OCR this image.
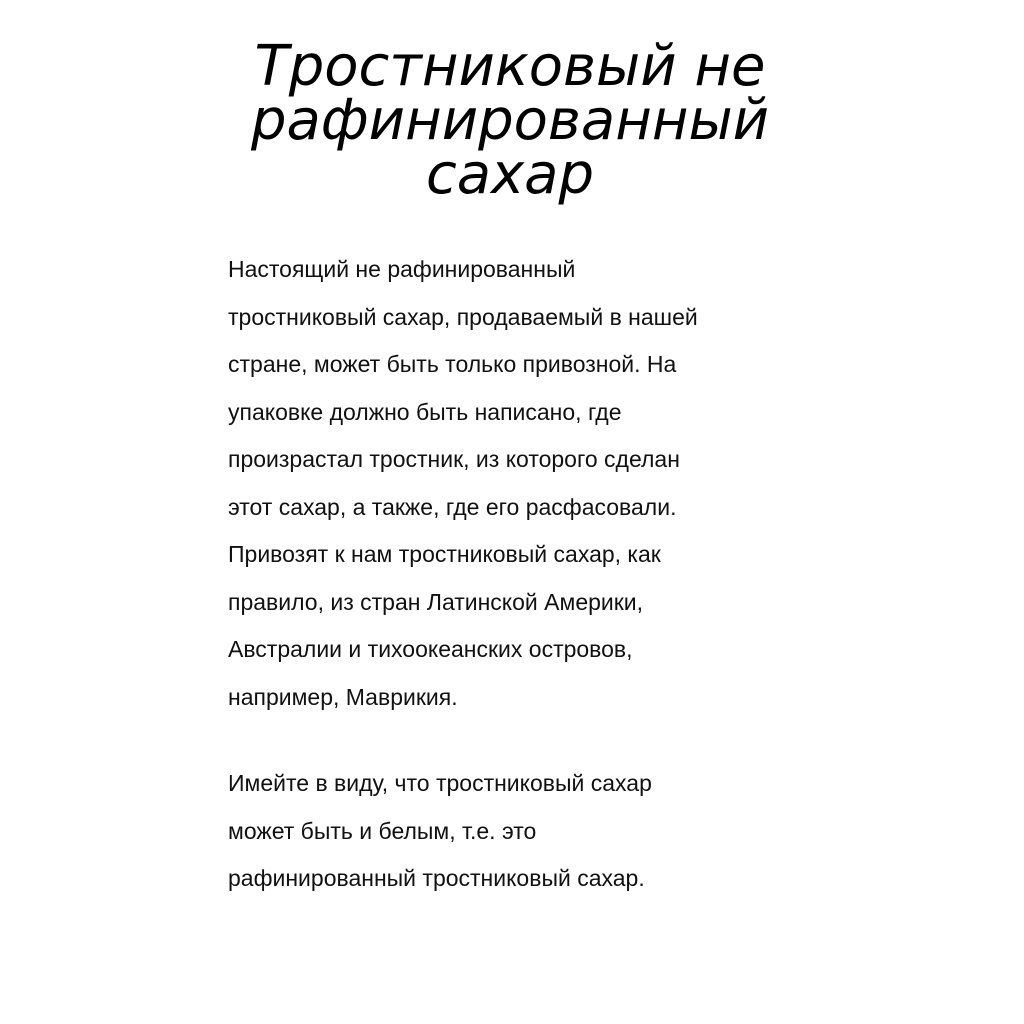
Тростниковый не
рафинированный
сахар
Настоящий не рафинированный
тростниковый сахар, продаваемый в нашей
стране, может быть только привозной. На
упаковке должно быть написано, где
произрастал тростник, из которого сделан
этот сахар, а также, где его расфасовали.
Привозят к нам тростниковый сахар, как
правило, из стран Латинской Америки,
Австралии и тихоокеанских островов,
например, Маврикия.
Имейте в виду, что тростниковый сахар
может быть и белым, т.е. это
рафинированный тростниковый сахар.
